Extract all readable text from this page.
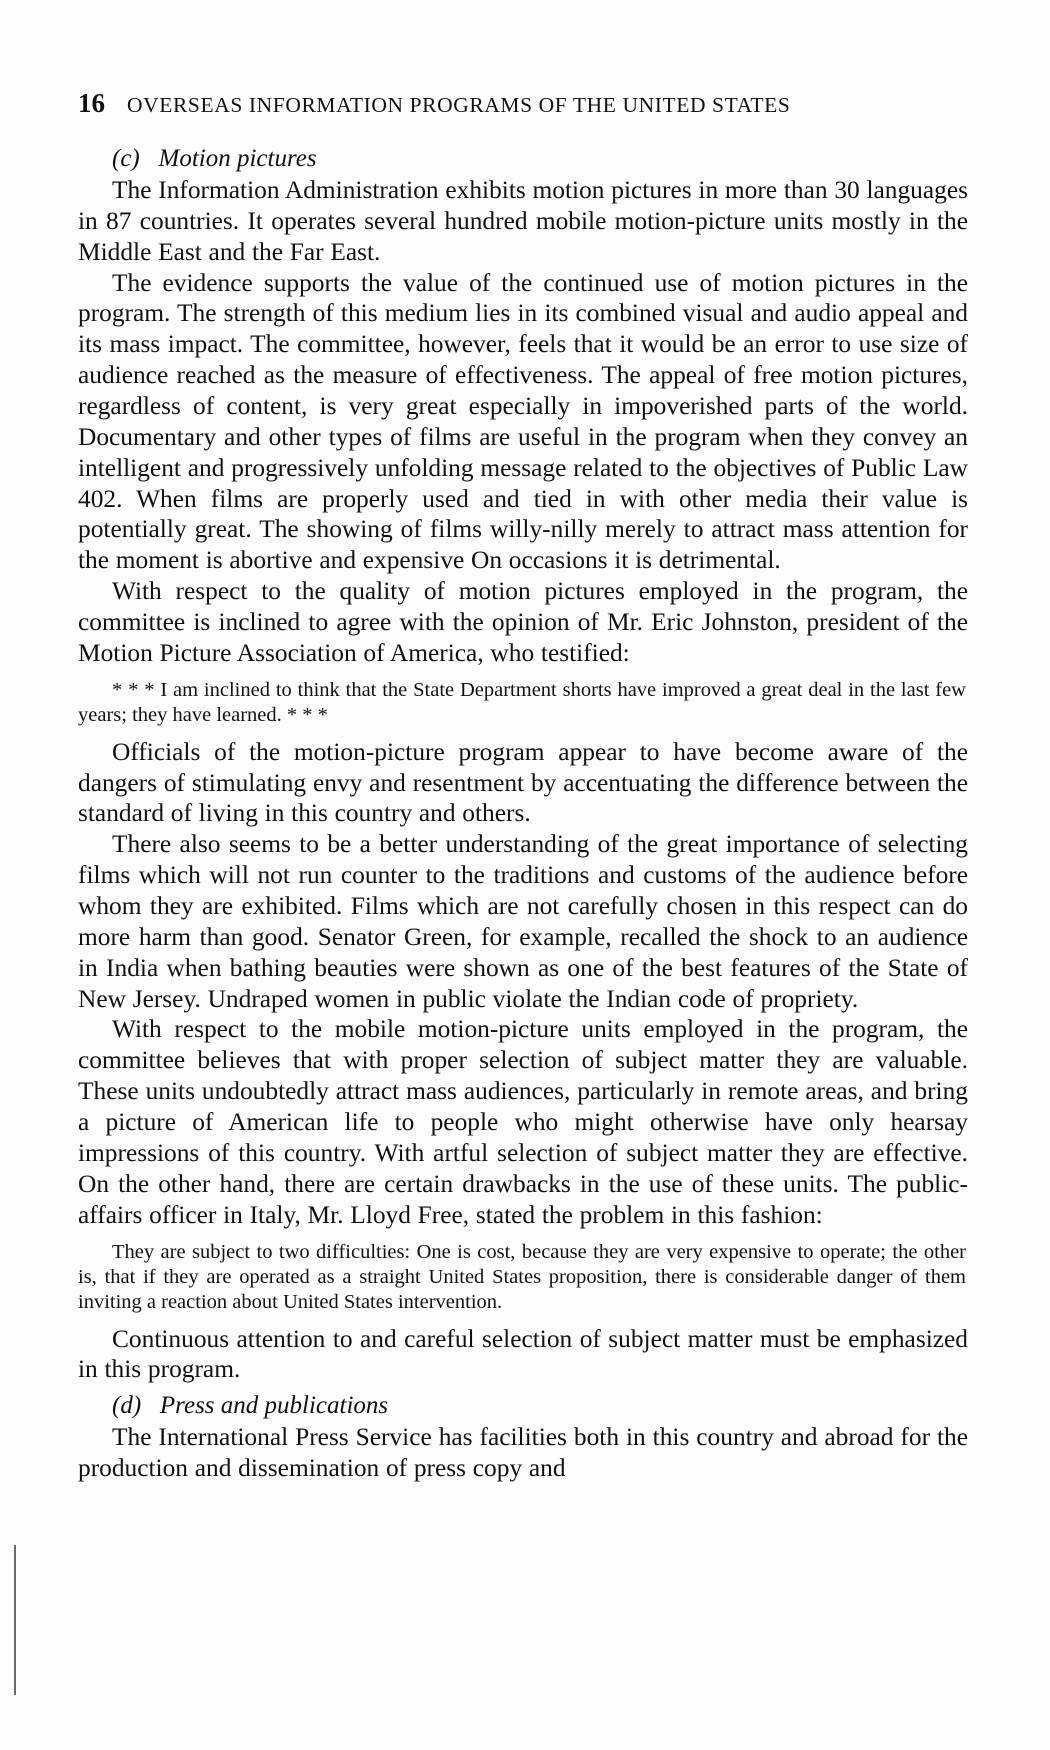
16 OVERSEAS INFORMATION PROGRAMS OF THE UNITED STATES
(c) Motion pictures

The Information Administration exhibits motion pictures in more than 30 languages in 87 countries. It operates several hundred mobile motion-picture units mostly in the Middle East and the Far East.

The evidence supports the value of the continued use of motion pictures in the program. The strength of this medium lies in its combined visual and audio appeal and its mass impact. The committee, however, feels that it would be an error to use size of audience reached as the measure of effectiveness. The appeal of free motion pictures, regardless of content, is very great especially in impoverished parts of the world. Documentary and other types of films are useful in the program when they convey an intelligent and progressively unfolding message related to the objectives of Public Law 402. When films are properly used and tied in with other media their value is potentially great. The showing of films willy-nilly merely to attract mass attention for the moment is abortive and expensive On occasions it is detrimental.

With respect to the quality of motion pictures employed in the program, the committee is inclined to agree with the opinion of Mr. Eric Johnston, president of the Motion Picture Association of America, who testified:

* * * I am inclined to think that the State Department shorts have improved a great deal in the last few years; they have learned. * * *

Officials of the motion-picture program appear to have become aware of the dangers of stimulating envy and resentment by accentuating the difference between the standard of living in this country and others.

There also seems to be a better understanding of the great importance of selecting films which will not run counter to the traditions and customs of the audience before whom they are exhibited. Films which are not carefully chosen in this respect can do more harm than good. Senator Green, for example, recalled the shock to an audience in India when bathing beauties were shown as one of the best features of the State of New Jersey. Undraped women in public violate the Indian code of propriety.

With respect to the mobile motion-picture units employed in the program, the committee believes that with proper selection of subject matter they are valuable. These units undoubtedly attract mass audiences, particularly in remote areas, and bring a picture of American life to people who might otherwise have only hearsay impressions of this country. With artful selection of subject matter they are effective. On the other hand, there are certain drawbacks in the use of these units. The public-affairs officer in Italy, Mr. Lloyd Free, stated the problem in this fashion:

They are subject to two difficulties: One is cost, because they are very expensive to operate; the other is, that if they are operated as a straight United States proposition, there is considerable danger of them inviting a reaction about United States intervention.

Continuous attention to and careful selection of subject matter must be emphasized in this program.

(d) Press and publications

The International Press Service has facilities both in this country and abroad for the production and dissemination of press copy and
